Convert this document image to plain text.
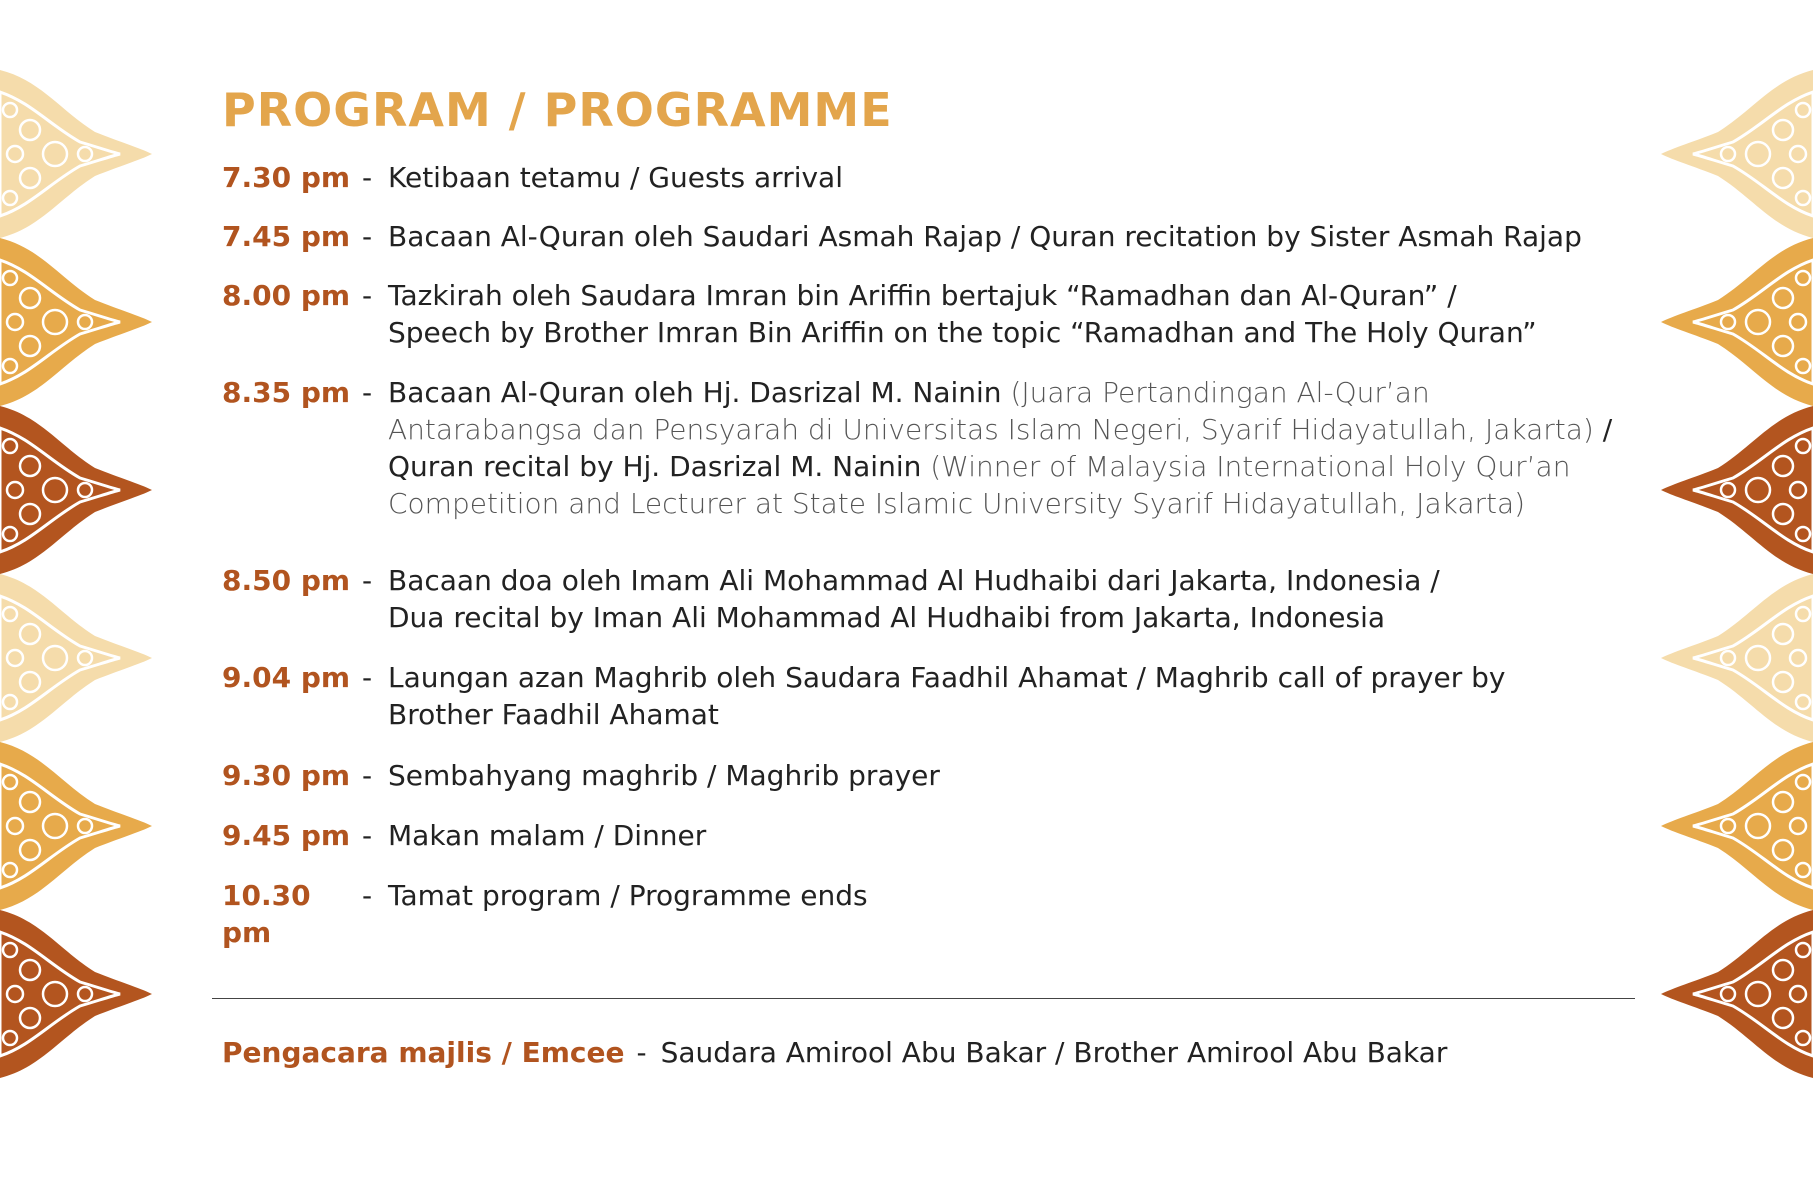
PROGRAM / PROGRAMME
7.30 pm - Ketibaan tetamu / Guests arrival
7.45 pm - Bacaan Al-Quran oleh Saudari Asmah Rajap / Quran recitation by Sister Asmah Rajap
8.00 pm - Tazkirah oleh Saudara Imran bin Ariffin bertajuk “Ramadhan dan Al-Quran” /
Speech by Brother Imran Bin Ariffin on the topic “Ramadhan and The Holy Quran”
8.35 pm - Bacaan Al-Quran oleh Hj. Dasrizal M. Nainin (Juara Pertandingan Al-Qur’an
Antarabangsa dan Pensyarah di Universitas Islam Negeri, Syarif Hidayatullah, Jakarta) /
Quran recital by Hj. Dasrizal M. Nainin (Winner of Malaysia International Holy Qur’an
Competition and Lecturer at State Islamic University Syarif Hidayatullah, Jakarta)
8.50 pm - Bacaan doa oleh Imam Ali Mohammad Al Hudhaibi dari Jakarta, Indonesia /
Dua recital by Iman Ali Mohammad Al Hudhaibi from Jakarta, Indonesia
9.04 pm - Laungan azan Maghrib oleh Saudara Faadhil Ahamat / Maghrib call of prayer by
Brother Faadhil Ahamat
9.30 pm - Sembahyang maghrib / Maghrib prayer
9.45 pm - Makan malam / Dinner
10.30 pm
- Tamat program / Programme ends
Pengacara majlis / Emcee - Saudara Amirool Abu Bakar / Brother Amirool Abu Bakar
